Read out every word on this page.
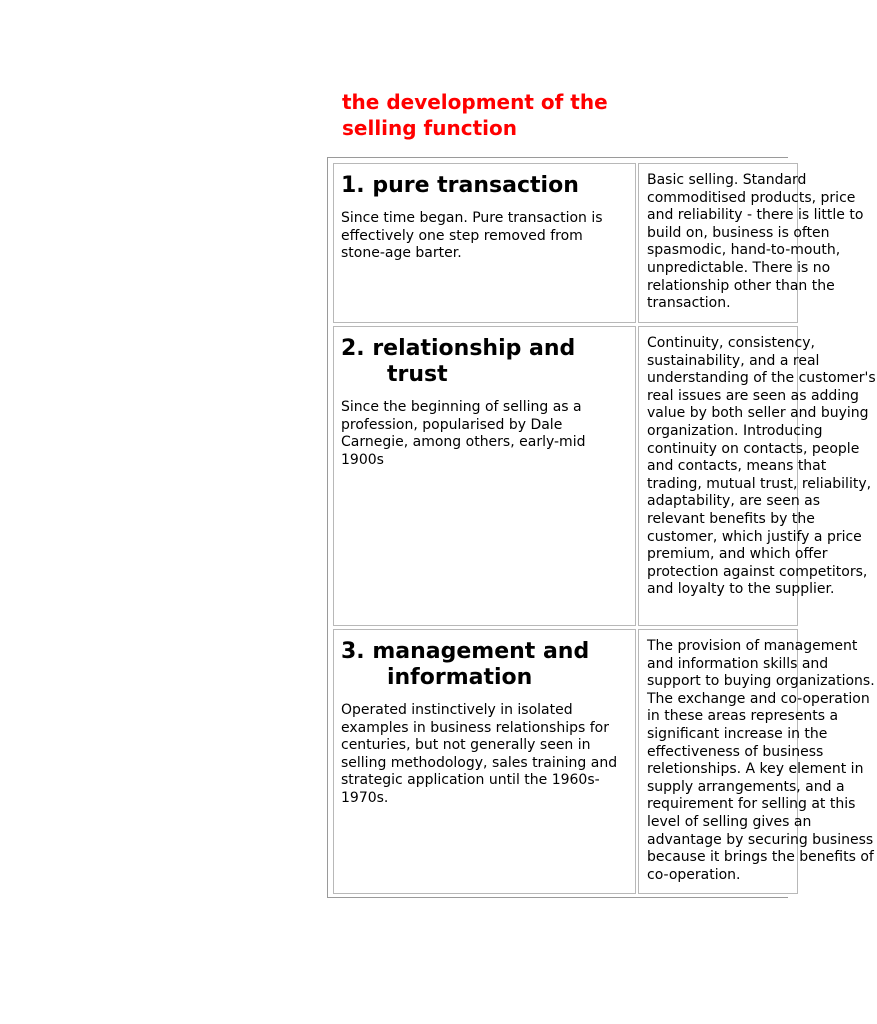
the development of the selling function
1. pure transaction

Since time began. Pure transaction is effectively one step removed from stone-age barter.

Basic selling. Standard commoditised products, price and reliability - there is little to build on, business is often spasmodic, hand-to-mouth, unpredictable. There is no relationship other than the transaction.

2. relationship and
trust

Since the beginning of selling as a profession, popularised by Dale Carnegie, among others, early-mid 1900s

Continuity, consistency, sustainability, and a real understanding of the customer's real issues are seen as adding value by both seller and buying organization. Introducing continuity on contacts, people and contacts, means that trading, mutual trust, reliability, adaptability, are seen as relevant benefits by the customer, which justify a price premium, and which offer protection against competitors, and loyalty to the supplier.

3. management and
information

Operated instinctively in isolated examples in business relationships for centuries, but not generally seen in selling methodology, sales training and strategic application until the 1960s-1970s.

The provision of management and information skills and support to buying organizations. The exchange and co-operation in these areas represents a significant increase in the effectiveness of business reletionships. A key element in supply arrangements, and a requirement for selling at this level of selling gives an advantage by securing business because it brings the benefits of co-operation.
